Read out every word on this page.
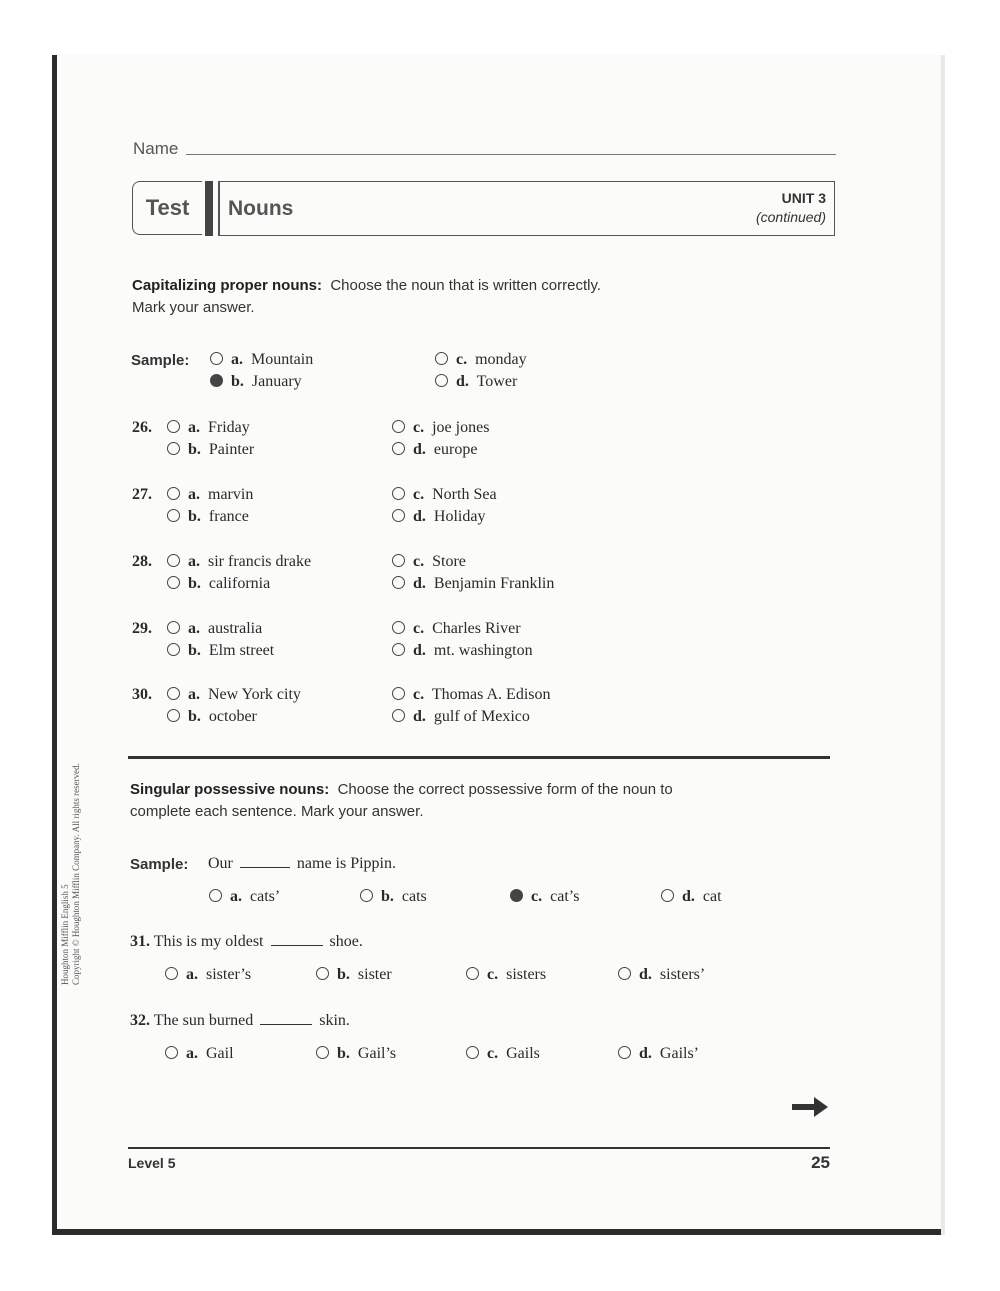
Name
Test	Nouns	UNIT 3
(continued)
Capitalizing proper nouns: Choose the noun that is written correctly.
Mark your answer.
Sample:	a. Mountain
b. January
c. monday
d. Tower
26.	a. Friday
b. Painter
c. joe jones
d. europe
27.	a. marvin
b. france
c. North Sea
d. Holiday
28.	a. sir francis drake
b. california
c. Store
d. Benjamin Franklin
29.	a. australia
b. Elm street
c. Charles River
d. mt. washington
30.	a. New York city
b. october
c. Thomas A. Edison
d. gulf of Mexico
Singular possessive nouns: Choose the correct possessive form of the noun to
complete each sentence. Mark your answer.
Sample: Our	name is Pippin.
a. cats’	b. cats	c. cat’s	d. cat
31. This is my oldest	shoe.
a. sister’s	b. sister	c. sisters	d. sisters’
32. The sun burned	skin.
a. Gail	b. Gail’s	c. Gails	d. Gails’
Level 5	25
Houghton Mifflin English 5 Copyright © Houghton Mifflin Company. All rights reserved.
